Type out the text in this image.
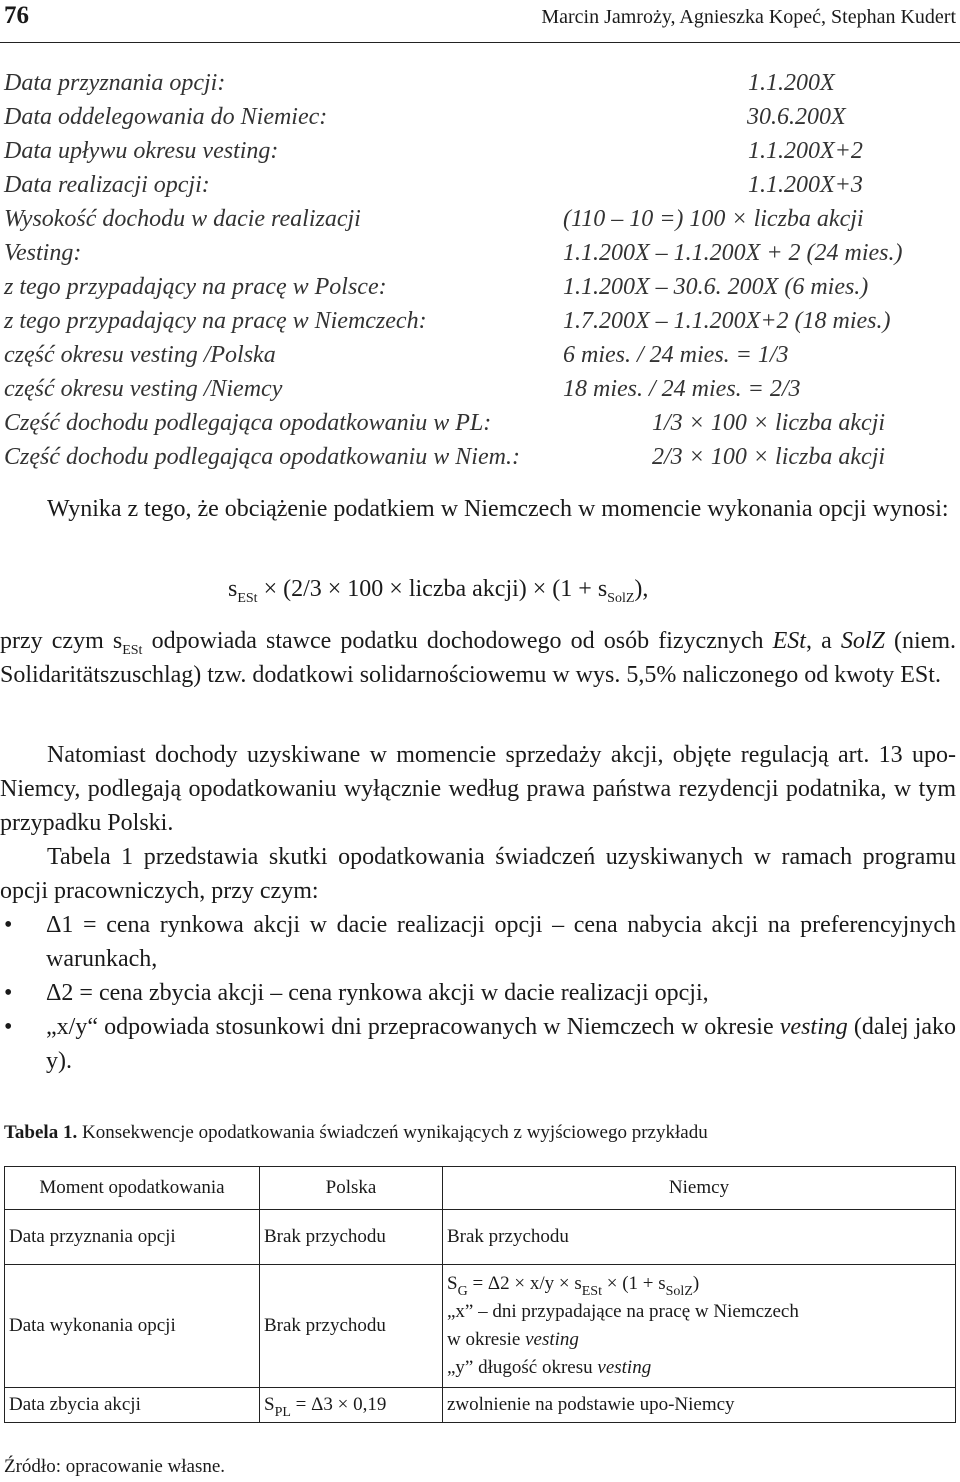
76	Marcin Jamroży, Agnieszka Kopeć, Stephan Kudert
Data przyznania opcji:	1.1.200X
Data oddelegowania do Niemiec:	30.6.200X
Data upływu okresu vesting:	1.1.200X+2
Data realizacji opcji:	1.1.200X+3
Wysokość dochodu w dacie realizacji	(110 – 10 =) 100 × liczba akcji
Vesting:	1.1.200X – 1.1.200X + 2 (24 mies.)
z tego przypadający na pracę w Polsce:	1.1.200X – 30.6. 200X (6 mies.)
z tego przypadający na pracę w Niemczech:	1.7.200X – 1.1.200X+2 (18 mies.)
część okresu vesting /Polska	6 mies. / 24 mies. = 1/3
część okresu vesting /Niemcy	18 mies. / 24 mies. = 2/3
Część dochodu podlegająca opodatkowaniu w PL:	1/3 × 100 × liczba akcji
Część dochodu podlegająca opodatkowaniu w Niem.:	2/3 × 100 × liczba akcji

Wynika z tego, że obciążenie podatkiem w Niemczech w momencie wykonania opcji wynosi:

$s_{ESt} \times (2/3 \times 100$ × liczba akcji) × $(1 + s_{SolZ})$,

przy czym $s_{ESt}$ odpowiada stawce podatku dochodowego od osób fizycznych ESt, a SolZ (niem. Solidaritätszuschlag) tzw. dodatkowi solidarnościowemu w wys. 5,5% naliczonego od kwoty ESt.

Natomiast dochody uzyskiwane w momencie sprzedaży akcji, objęte regulacją art. 13 upo-Niemcy, podlegają opodatkowaniu wyłącznie według prawa państwa rezydencji podatnika, w tym przypadku Polski.

Tabela 1 przedstawia skutki opodatkowania świadczeń uzyskiwanych w ramach programu opcji pracowniczych, przy czym:

• Δ1 = cena rynkowa akcji w dacie realizacji opcji – cena nabycia akcji na preferencyjnych warunkach,
• Δ2 = cena zbycia akcji – cena rynkowa akcji w dacie realizacji opcji,
• „x/y“ odpowiada stosunkowi dni przepracowanych w Niemczech w okresie vesting (dalej jako y).
Tabela 1. Konsekwencje opodatkowania świadczeń wynikających z wyjściowego przykładu
Moment opodatkowania	Polska	Niemcy
Data przyznania opcji	Brak przychodu	Brak przychodu
Data wykonania opcji	Brak przychodu	$S_G = \Delta 2 \times x/y \times s_{ESt} \times (1 + s_{SolZ})$
„x” – dni przypadające na pracę w Niemczech
w okresie vesting
„y” długość okresu vesting

Data zbycia akcji	$S_{PL} = \Delta 3 \times 0,19$	zwolnienie na podstawie upo-Niemcy
Źródło: opracowanie własne.
